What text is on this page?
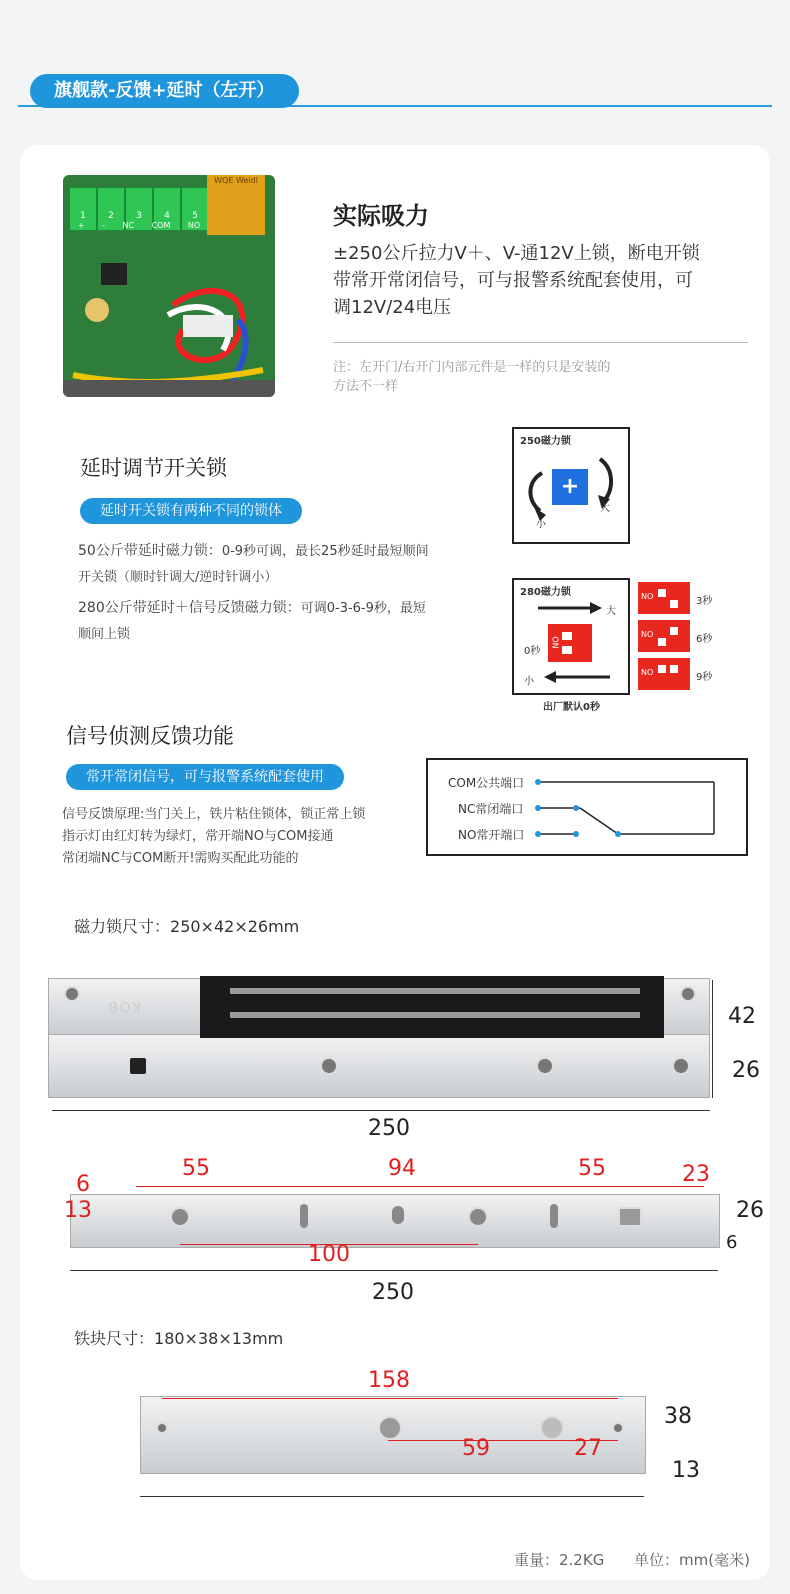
旗舰款-反馈+延时（左开）
1 2 3 4 5
+ - NC COM NO
WQE Weidi
实际吸力
±250公斤拉力V＋、V-通12V上锁，断电开锁
带常开常闭信号，可与报警系统配套使用，可
调12V/24电压
注：左开门/右开门内部元件是一样的只是安装的
方法不一样
延时调节开关锁
延时开关锁有两种不同的锁体
50公斤带延时磁力锁：0-9秒可调，最长25秒延时最短顺间
开关锁（顺时针调大/逆时针调小）
280公斤带延时＋信号反馈磁力锁：可调0-3-6-9秒，最短
顺间上锁
250磁力锁
+
小
大
280磁力锁
大
小
0秒
NO
出厂默认0秒
NO	3秒
NO	6秒
NO	9秒
信号侦测反馈功能
常开常闭信号，可与报警系统配套使用
信号反馈原理:当门关上，铁片粘住锁体，锁正常上锁
指示灯由红灯转为绿灯，常开端NO与COM接通
常闭端NC与COM断开!需购买配此功能的
COM公共端口
NC常闭端口
NO常开端口
磁力锁尺寸：250×42×26mm
KOB	42
26
250
55	94	55	23
6
13
100
26
6
250
铁块尺寸：180×38×13mm
158
59	27
38
13
重量：2.2KG 单位：mm(毫米)
